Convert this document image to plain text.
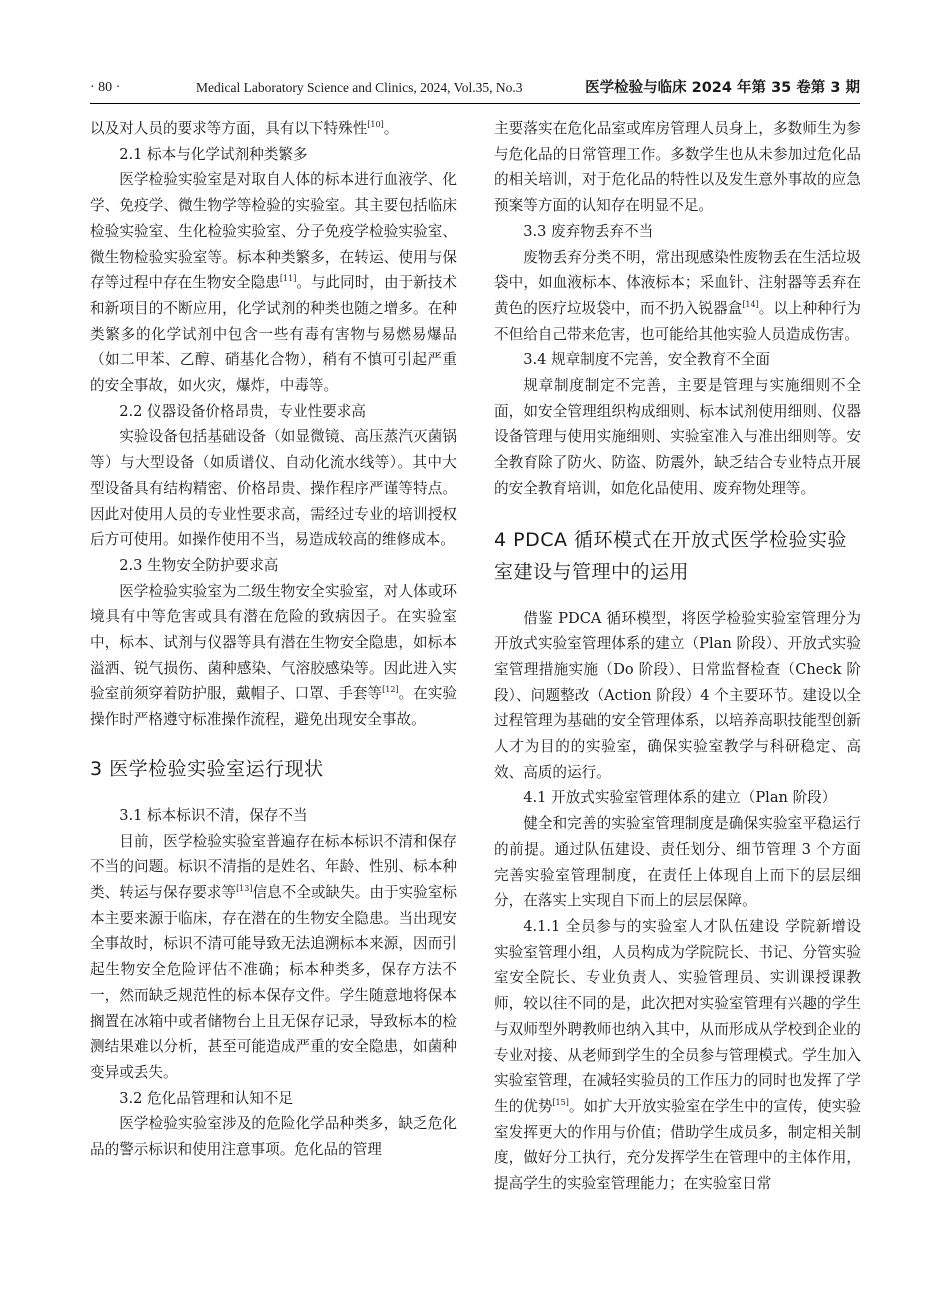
· 80 ·	Medical Laboratory Science and Clinics, 2024, Vol.35, No.3	医学检验与临床 2024 年第 35 卷第 3 期

以及对人员的要求等方面，具有以下特殊性[10]。

2.1 标本与化学试剂种类繁多

医学检验实验室是对取自人体的标本进行血液学、化学、免疫学、微生物学等检验的实验室。其主要包括临床检验实验室、生化检验实验室、分子免疫学检验实验室、微生物检验实验室等。标本种类繁多，在转运、使用与保存等过程中存在生物安全隐患[11]。与此同时，由于新技术和新项目的不断应用，化学试剂的种类也随之增多。在种类繁多的化学试剂中包含一些有毒有害物与易燃易爆品（如二甲苯、乙醇、硝基化合物），稍有不慎可引起严重的安全事故，如火灾，爆炸，中毒等。

2.2 仪器设备价格昂贵，专业性要求高

实验设备包括基础设备（如显微镜、高压蒸汽灭菌锅等）与大型设备（如质谱仪、自动化流水线等）。其中大型设备具有结构精密、价格昂贵、操作程序严谨等特点。因此对使用人员的专业性要求高，需经过专业的培训授权后方可使用。如操作使用不当，易造成较高的维修成本。

2.3 生物安全防护要求高

医学检验实验室为二级生物安全实验室，对人体或环境具有中等危害或具有潜在危险的致病因子。在实验室中，标本、试剂与仪器等具有潜在生物安全隐患，如标本溢洒、锐气损伤、菌种感染、气溶胶感染等。因此进入实验室前须穿着防护服，戴帽子、口罩、手套等[12]。在实验操作时严格遵守标准操作流程，避免出现安全事故。

3 医学检验实验室运行现状

3.1 标本标识不清，保存不当

目前，医学检验实验室普遍存在标本标识不清和保存不当的问题。标识不清指的是姓名、年龄、性别、标本种类、转运与保存要求等[13]信息不全或缺失。由于实验室标本主要来源于临床，存在潜在的生物安全隐患。当出现安全事故时，标识不清可能导致无法追溯标本来源，因而引起生物安全危险评估不准确；标本种类多，保存方法不一，然而缺乏规范性的标本保存文件。学生随意地将保本搁置在冰箱中或者储物台上且无保存记录，导致标本的检测结果难以分析，甚至可能造成严重的安全隐患，如菌种变异或丢失。

3.2 危化品管理和认知不足

医学检验实验室涉及的危险化学品种类多，缺乏危化品的警示标识和使用注意事项。危化品的管理

主要落实在危化品室或库房管理人员身上，多数师生为参与危化品的日常管理工作。多数学生也从未参加过危化品的相关培训，对于危化品的特性以及发生意外事故的应急预案等方面的认知存在明显不足。

3.3 废弃物丢弃不当

废物丢弃分类不明，常出现感染性废物丢在生活垃圾袋中，如血液标本、体液标本；采血针、注射器等丢弃在黄色的医疗垃圾袋中，而不扔入锐器盒[14]。以上种种行为不但给自己带来危害，也可能给其他实验人员造成伤害。

3.4 规章制度不完善，安全教育不全面

规章制度制定不完善，主要是管理与实施细则不全面，如安全管理组织构成细则、标本试剂使用细则、仪器设备管理与使用实施细则、实验室准入与准出细则等。安全教育除了防火、防盗、防震外，缺乏结合专业特点开展的安全教育培训，如危化品使用、废弃物处理等。

4 PDCA 循环模式在开放式医学检验实验室建设与管理中的运用

借鉴 PDCA 循环模型，将医学检验实验室管理分为开放式实验室管理体系的建立（Plan 阶段）、开放式实验室管理措施实施（Do 阶段）、日常监督检查（Check 阶段）、问题整改（Action 阶段）4 个主要环节。建设以全过程管理为基础的安全管理体系，以培养高职技能型创新人才为目的的实验室，确保实验室教学与科研稳定、高效、高质的运行。

4.1 开放式实验室管理体系的建立（Plan 阶段）

健全和完善的实验室管理制度是确保实验室平稳运行的前提。通过队伍建设、责任划分、细节管理 3 个方面完善实验室管理制度，在责任上体现自上而下的层层细分，在落实上实现自下而上的层层保障。

4.1.1 全员参与的实验室人才队伍建设 学院新增设实验室管理小组，人员构成为学院院长、书记、分管实验室安全院长、专业负责人、实验管理员、实训课授课教师，较以往不同的是，此次把对实验室管理有兴趣的学生与双师型外聘教师也纳入其中，从而形成从学校到企业的专业对接、从老师到学生的全员参与管理模式。学生加入实验室管理，在减轻实验员的工作压力的同时也发挥了学生的优势[15]。如扩大开放实验室在学生中的宣传，使实验室发挥更大的作用与价值；借助学生成员多，制定相关制度，做好分工执行，充分发挥学生在管理中的主体作用，提高学生的实验室管理能力；在实验室日常
